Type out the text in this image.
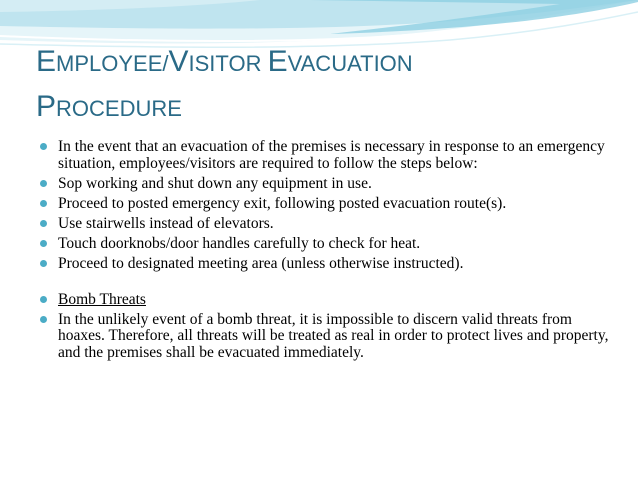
EMPLOYEE/VISITOR EVACUATION
PROCEDURE
In the event that an evacuation of the premises is necessary in response to an emergency situation, employees/visitors are required to follow the steps below:
Sop working and shut down any equipment in use.
Proceed to posted emergency exit, following posted evacuation route(s).
Use stairwells instead of elevators.
Touch doorknobs/door handles carefully to check for heat.
Proceed to designated meeting area (unless otherwise instructed).
Bomb Threats
In the unlikely event of a bomb threat, it is impossible to discern valid threats from hoaxes. Therefore, all threats will be treated as real in order to protect lives and property, and the premises shall be evacuated immediately.
